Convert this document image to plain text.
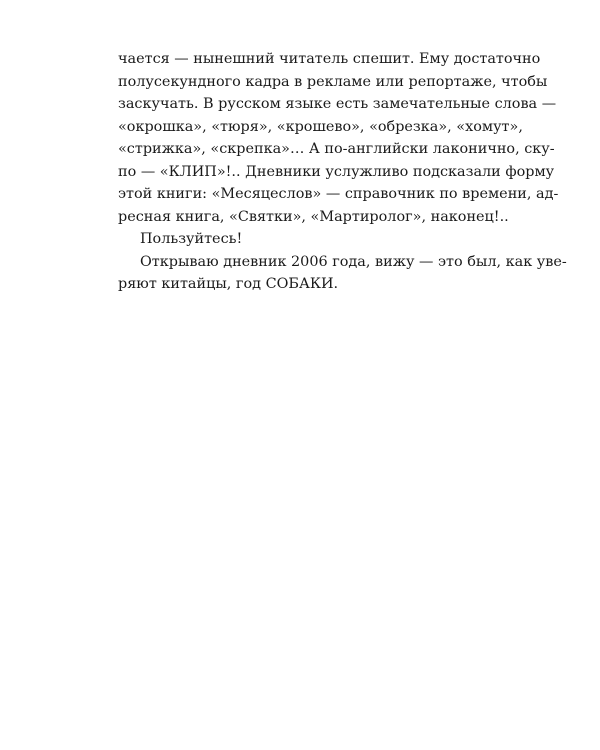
чается — нынешний читатель спешит. Ему достаточно
полусекундного кадра в рекламе или репортаже, чтобы
заскучать. В русском языке есть замечательные слова —
«окрошка», «тюря», «крошево», «обрезка», «хомут»,
«стрижка», «скрепка»… А по-английски лаконично, ску-
по — «КЛИП»!.. Дневники услужливо подсказали форму
этой книги: «Месяцеслов» — справочник по времени, ад-
ресная книга, «Святки», «Мартиролог», наконец!..
Пользуйтесь!
Открываю дневник 2006 года, вижу — это был, как уве-
ряют китайцы, год СОБАКИ.
